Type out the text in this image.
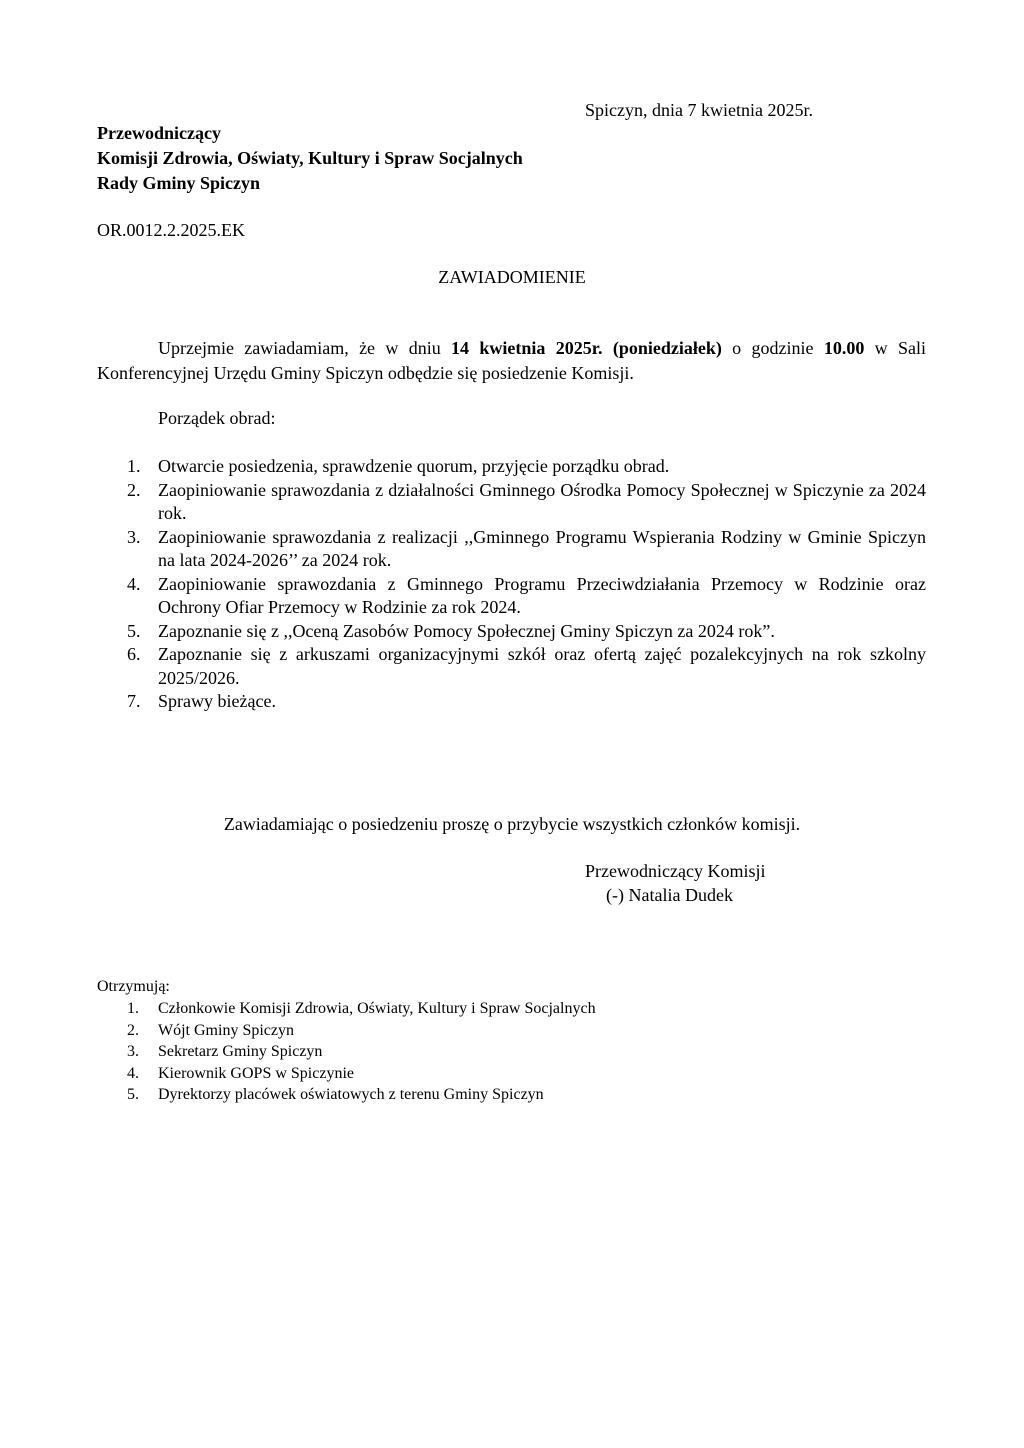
Spiczyn, dnia 7 kwietnia 2025r.
Przewodniczący
Komisji Zdrowia, Oświaty, Kultury i Spraw Socjalnych
Rady Gminy Spiczyn
OR.0012.2.2025.EK
ZAWIADOMIENIE
Uprzejmie zawiadamiam, że w dniu 14 kwietnia 2025r. (poniedziałek) o godzinie 10.00 w Sali Konferencyjnej Urzędu Gminy Spiczyn odbędzie się posiedzenie Komisji.
Porządek obrad:
1. Otwarcie posiedzenia, sprawdzenie quorum, przyjęcie porządku obrad.
2. Zaopiniowanie sprawozdania z działalności Gminnego Ośrodka Pomocy Społecznej w Spiczynie za 2024 rok.
3. Zaopiniowanie sprawozdania z realizacji ,,Gminnego Programu Wspierania Rodziny w Gminie Spiczyn na lata 2024-2026’’ za 2024 rok.
4. Zaopiniowanie sprawozdania z Gminnego Programu Przeciwdziałania Przemocy w Rodzinie oraz Ochrony Ofiar Przemocy w Rodzinie za rok 2024.
5. Zapoznanie się z ,,Oceną Zasobów Pomocy Społecznej Gminy Spiczyn za 2024 rok”.
6. Zapoznanie się z arkuszami organizacyjnymi szkół oraz ofertą zajęć pozalekcyjnych na rok szkolny 2025/2026.
7. Sprawy bieżące.
Zawiadamiając o posiedzeniu proszę o przybycie wszystkich członków komisji.
Przewodniczący Komisji
(-) Natalia Dudek
Otrzymują:
1. Członkowie Komisji Zdrowia, Oświaty, Kultury i Spraw Socjalnych
2. Wójt Gminy Spiczyn
3. Sekretarz Gminy Spiczyn
4. Kierownik GOPS w Spiczynie
5. Dyrektorzy placówek oświatowych z terenu Gminy Spiczyn
